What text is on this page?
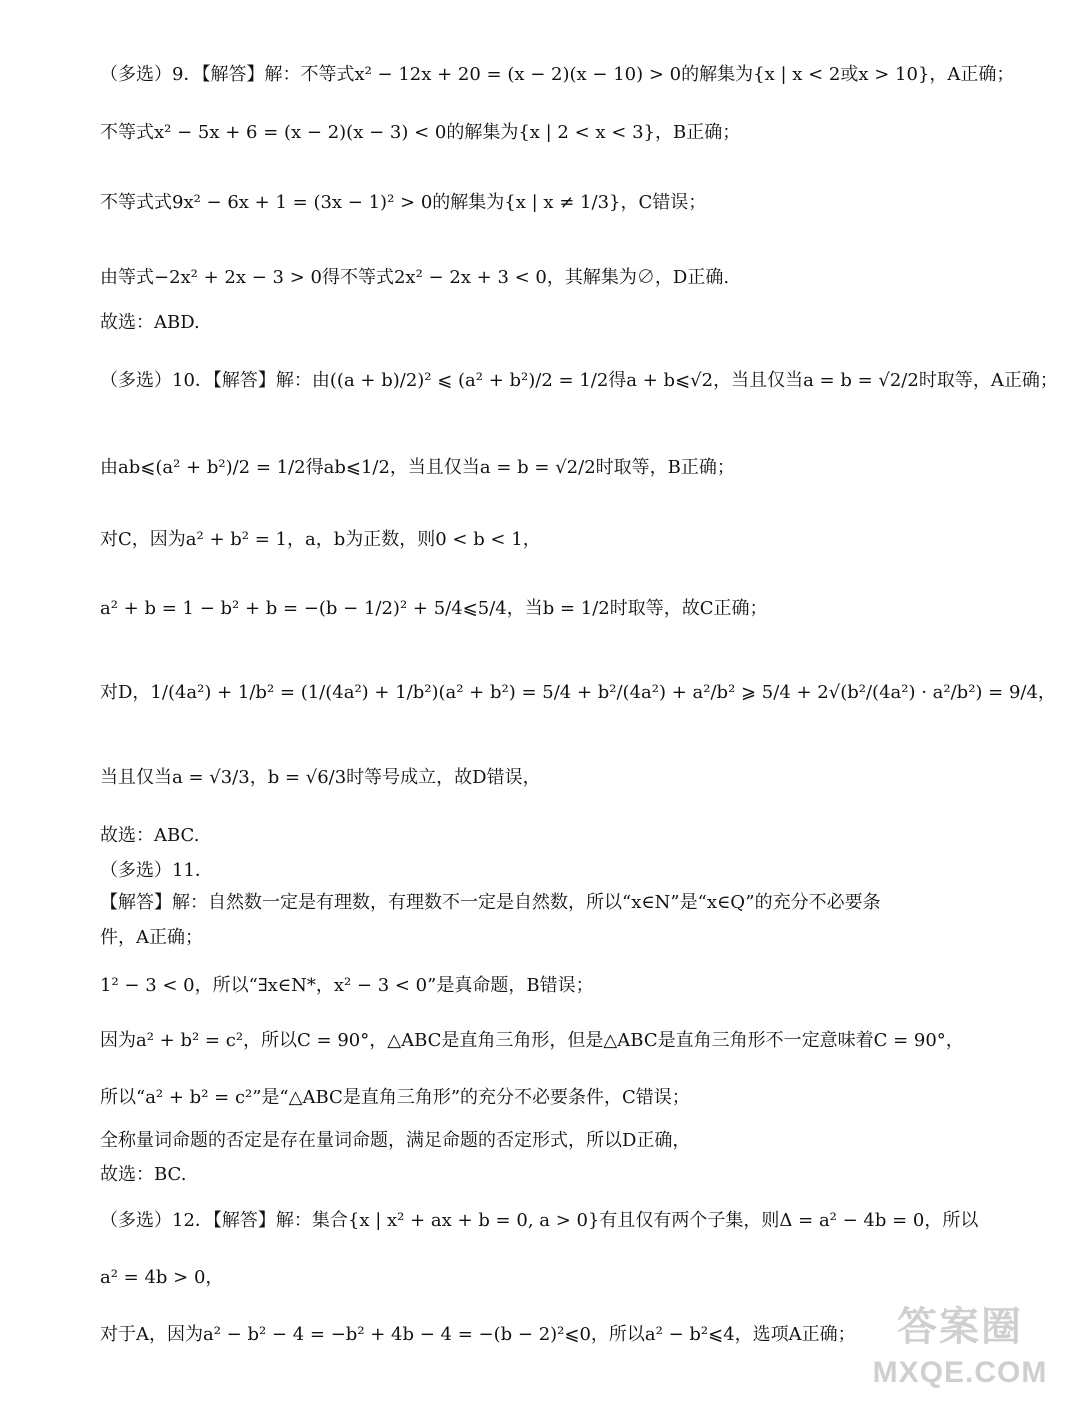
（多选）9．【解答】解：不等式x² − 12x + 20 = (x − 2)(x − 10) > 0的解集为{x | x < 2或x > 10}，A正确；
不等式x² − 5x + 6 = (x − 2)(x − 3) < 0的解集为{x | 2 < x < 3}，B正确；
不等式式9x² − 6x + 1 = (3x − 1)² > 0的解集为{x | x ≠ 1/3}，C错误；
由等式−2x² + 2x − 3 > 0得不等式2x² − 2x + 3 < 0，其解集为∅，D正确.
故选：ABD.
（多选）10．【解答】解：由((a + b)/2)² ⩽ (a² + b²)/2 = 1/2得a + b⩽√2，当且仅当a = b = √2/2时取等，A正确；
由ab⩽(a² + b²)/2 = 1/2得ab⩽1/2，当且仅当a = b = √2/2时取等，B正确；
对C，因为a² + b² = 1，a，b为正数，则0 < b < 1，
a² + b = 1 − b² + b = −(b − 1/2)² + 5/4⩽5/4，当b = 1/2时取等，故C正确；
对D，1/(4a²) + 1/b² = (1/(4a²) + 1/b²)(a² + b²) = 5/4 + b²/(4a²) + a²/b² ⩾ 5/4 + 2√(b²/(4a²) · a²/b²) = 9/4，
当且仅当a = √3/3，b = √6/3时等号成立，故D错误，
故选：ABC.
（多选）11．
【解答】解：自然数一定是有理数，有理数不一定是自然数，所以“x∈N”是“x∈Q”的充分不必要条
件，A正确；
1² − 3 < 0，所以“∃x∈N*，x² − 3 < 0”是真命题，B错误；
因为a² + b² = c²，所以C = 90°，△ABC是直角三角形，但是△ABC是直角三角形不一定意味着C = 90°，
所以“a² + b² = c²”是“△ABC是直角三角形”的充分不必要条件，C错误；
全称量词命题的否定是存在量词命题，满足命题的否定形式，所以D正确，
故选：BC.
（多选）12．【解答】解：集合{x | x² + ax + b = 0, a > 0}有且仅有两个子集，则Δ = a² − 4b = 0，所以
a² = 4b > 0，
对于A，因为a² − b² − 4 = −b² + 4b − 4 = −(b − 2)²⩽0，所以a² − b²⩽4，选项A正确；	答案圈
MXQE.COM
